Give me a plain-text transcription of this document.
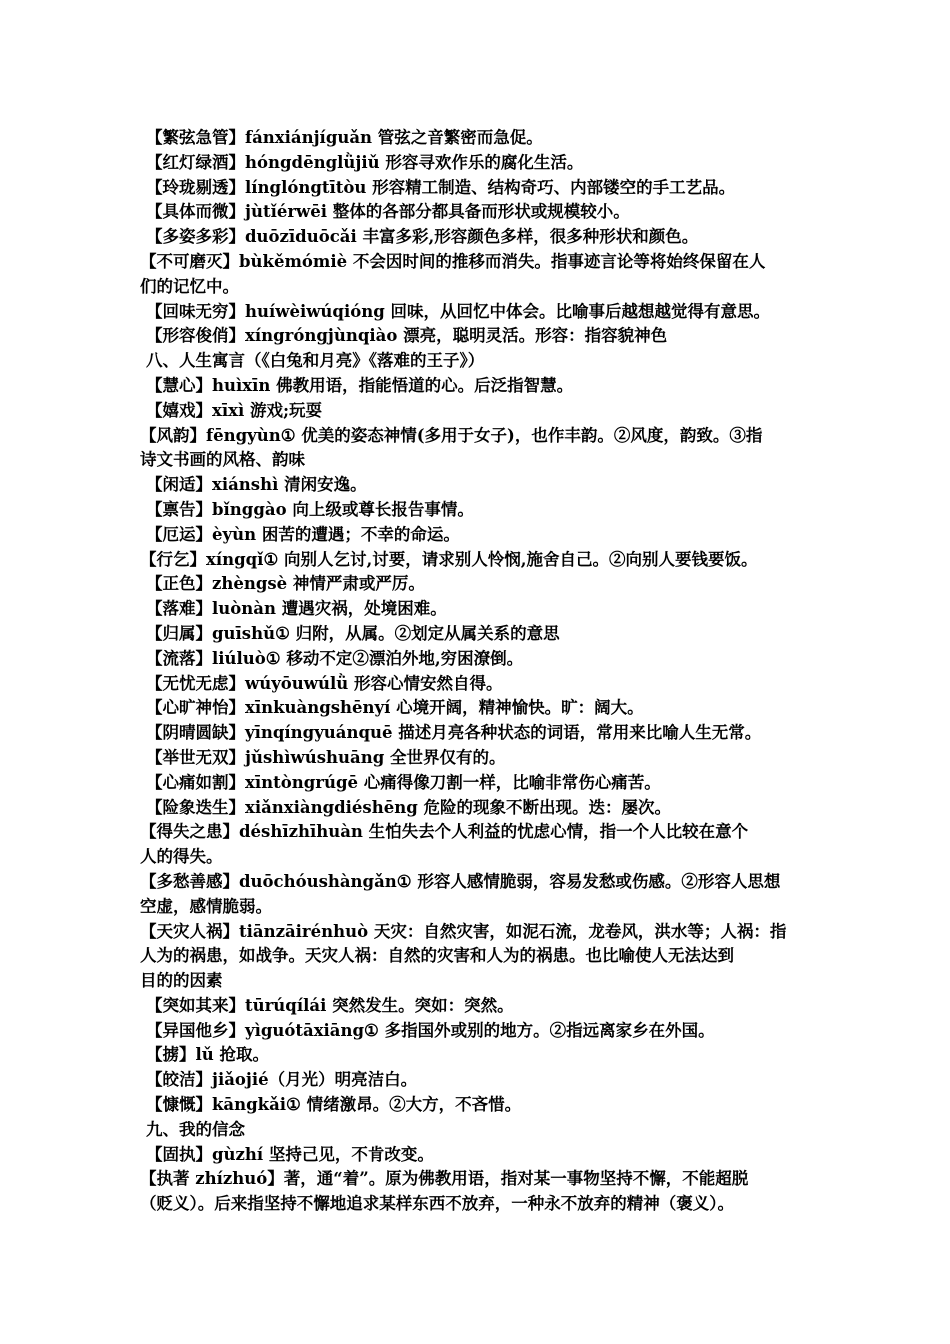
【繁弦急管】fánxiánjíguǎn 管弦之音繁密而急促。
【红灯绿酒】hóngdēnglǜjiǔ 形容寻欢作乐的腐化生活。
【玲珑剔透】línglóngtītòu 形容精工制造、结构奇巧、内部镂空的手工艺品。
【具体而微】jùtǐérwēi 整体的各部分都具备而形状或规模较小。
【多姿多彩】duōzīduōcǎi 丰富多彩,形容颜色多样，很多种形状和颜色。
【不可磨灭】bùkěmómiè 不会因时间的推移而消失。指事迹言论等将始终保留在人
们的记忆中。
【回味无穷】huíwèiwúqióng 回味，从回忆中体会。比喻事后越想越觉得有意思。
【形容俊俏】xíngróngjùnqiào 漂亮，聪明灵活。形容：指容貌神色
八、人生寓言（《白兔和月亮》《落难的王子》）
【慧心】huìxīn 佛教用语，指能悟道的心。后泛指智慧。
【嬉戏】xīxì 游戏;玩耍
【风韵】fēngyùn① 优美的姿态神情(多用于女子)，也作丰韵。②风度，韵致。③指
诗文书画的风格、韵味
【闲适】xiánshì 清闲安逸。
【禀告】bǐnggào 向上级或尊长报告事情。
【厄运】èyùn 困苦的遭遇；不幸的命运。
【行乞】xíngqǐ① 向别人乞讨,讨要，请求别人怜悯,施舍自己。②向别人要钱要饭。
【正色】zhèngsè 神情严肃或严厉。
【落难】luònàn 遭遇灾祸，处境困难。
【归属】guīshǔ① 归附，从属。②划定从属关系的意思
【流落】liúluò① 移动不定②漂泊外地,穷困潦倒。
【无忧无虑】wúyōuwúlǜ 形容心情安然自得。
【心旷神怡】xīnkuàngshēnyí 心境开阔，精神愉快。旷：阔大。
【阴晴圆缺】yīnqíngyuánquē 描述月亮各种状态的词语，常用来比喻人生无常。
【举世无双】jǔshìwúshuāng 全世界仅有的。
【心痛如割】xīntòngrúgē 心痛得像刀割一样，比喻非常伤心痛苦。
【险象迭生】xiǎnxiàngdiéshēng 危险的现象不断出现。迭：屡次。
【得失之患】déshīzhīhuàn 生怕失去个人利益的忧虑心情，指一个人比较在意个
人的得失。
【多愁善感】duōchóushàngǎn① 形容人感情脆弱，容易发愁或伤感。②形容人思想
空虚，感情脆弱。
【天灾人祸】tiānzāirénhuò 天灾：自然灾害，如泥石流，龙卷风，洪水等；人祸：指
人为的祸患，如战争。天灾人祸：自然的灾害和人为的祸患。也比喻使人无法达到
目的的因素
【突如其来】tūrúqílái 突然发生。突如：突然。
【异国他乡】yìguótāxiāng① 多指国外或别的地方。②指远离家乡在外国。
【掳】lǔ 抢取。
【皎洁】jiǎojié（月光）明亮洁白。
【慷慨】kāngkǎi① 情绪激昂。②大方，不吝惜。
九、我的信念
【固执】gùzhí 坚持己见，不肯改变。
【执著 zhízhuó】著，通“着”。原为佛教用语，指对某一事物坚持不懈，不能超脱
（贬义）。后来指坚持不懈地追求某样东西不放弃，一种永不放弃的精神（褒义）。
